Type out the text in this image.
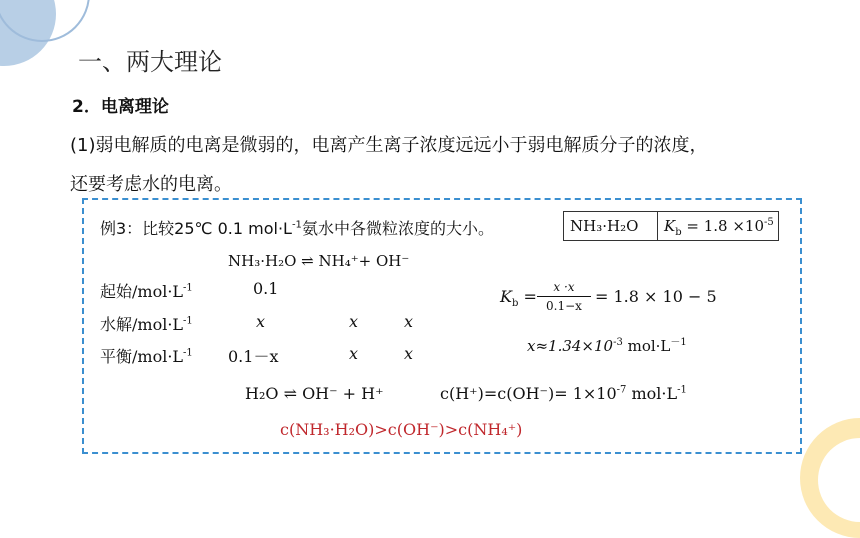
一、两大理论
2．电离理论
(1)弱电解质的电离是微弱的，电离产生离子浓度远远小于弱电解质分子的浓度，
还要考虑水的电离。
例3：比较25℃ 0.1 $mol\cdot L^{-1}$氨水中各微粒浓度的大小。	NH₃·H₂O $K_b = 1.8 \times 10^{-5}$
NH₃·H₂O ⇌ NH₄⁺+ OH⁻
起始$/mol\cdot L^{-1}$	0.1
水解$/mol\cdot L^{-1}$	x	x	x
平衡$/mol\cdot L^{-1}$ 0.1－x	x	x
$K_b$ =	x ·x
0.1−x = 1.8 × 10 − 5
$x\approx 1.34\times 10^{-3}$ $mol\cdot L^{-1}$
H₂O ⇌ OH⁻ + H⁺	$c(H^+)=c(OH^-)= 1\times 10^{-7}$ $mol\cdot L^{-1}$
c(NH₃·H₂O)>c(OH⁻)>c(NH₄⁺)
